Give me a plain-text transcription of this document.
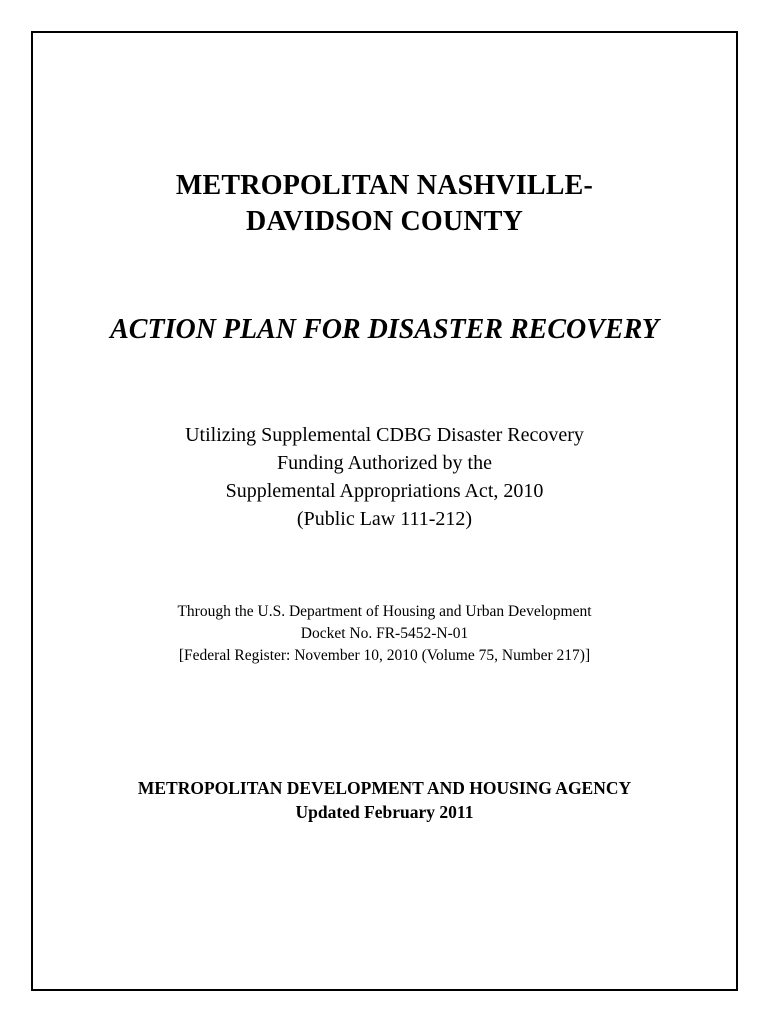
METROPOLITAN NASHVILLE-
DAVIDSON COUNTY
ACTION PLAN FOR DISASTER RECOVERY
Utilizing Supplemental CDBG Disaster Recovery
Funding Authorized by the
Supplemental Appropriations Act, 2010
(Public Law 111-212)
Through the U.S. Department of Housing and Urban Development
Docket No. FR-5452-N-01
[Federal Register: November 10, 2010 (Volume 75, Number 217)]
METROPOLITAN DEVELOPMENT AND HOUSING AGENCY
Updated February 2011
